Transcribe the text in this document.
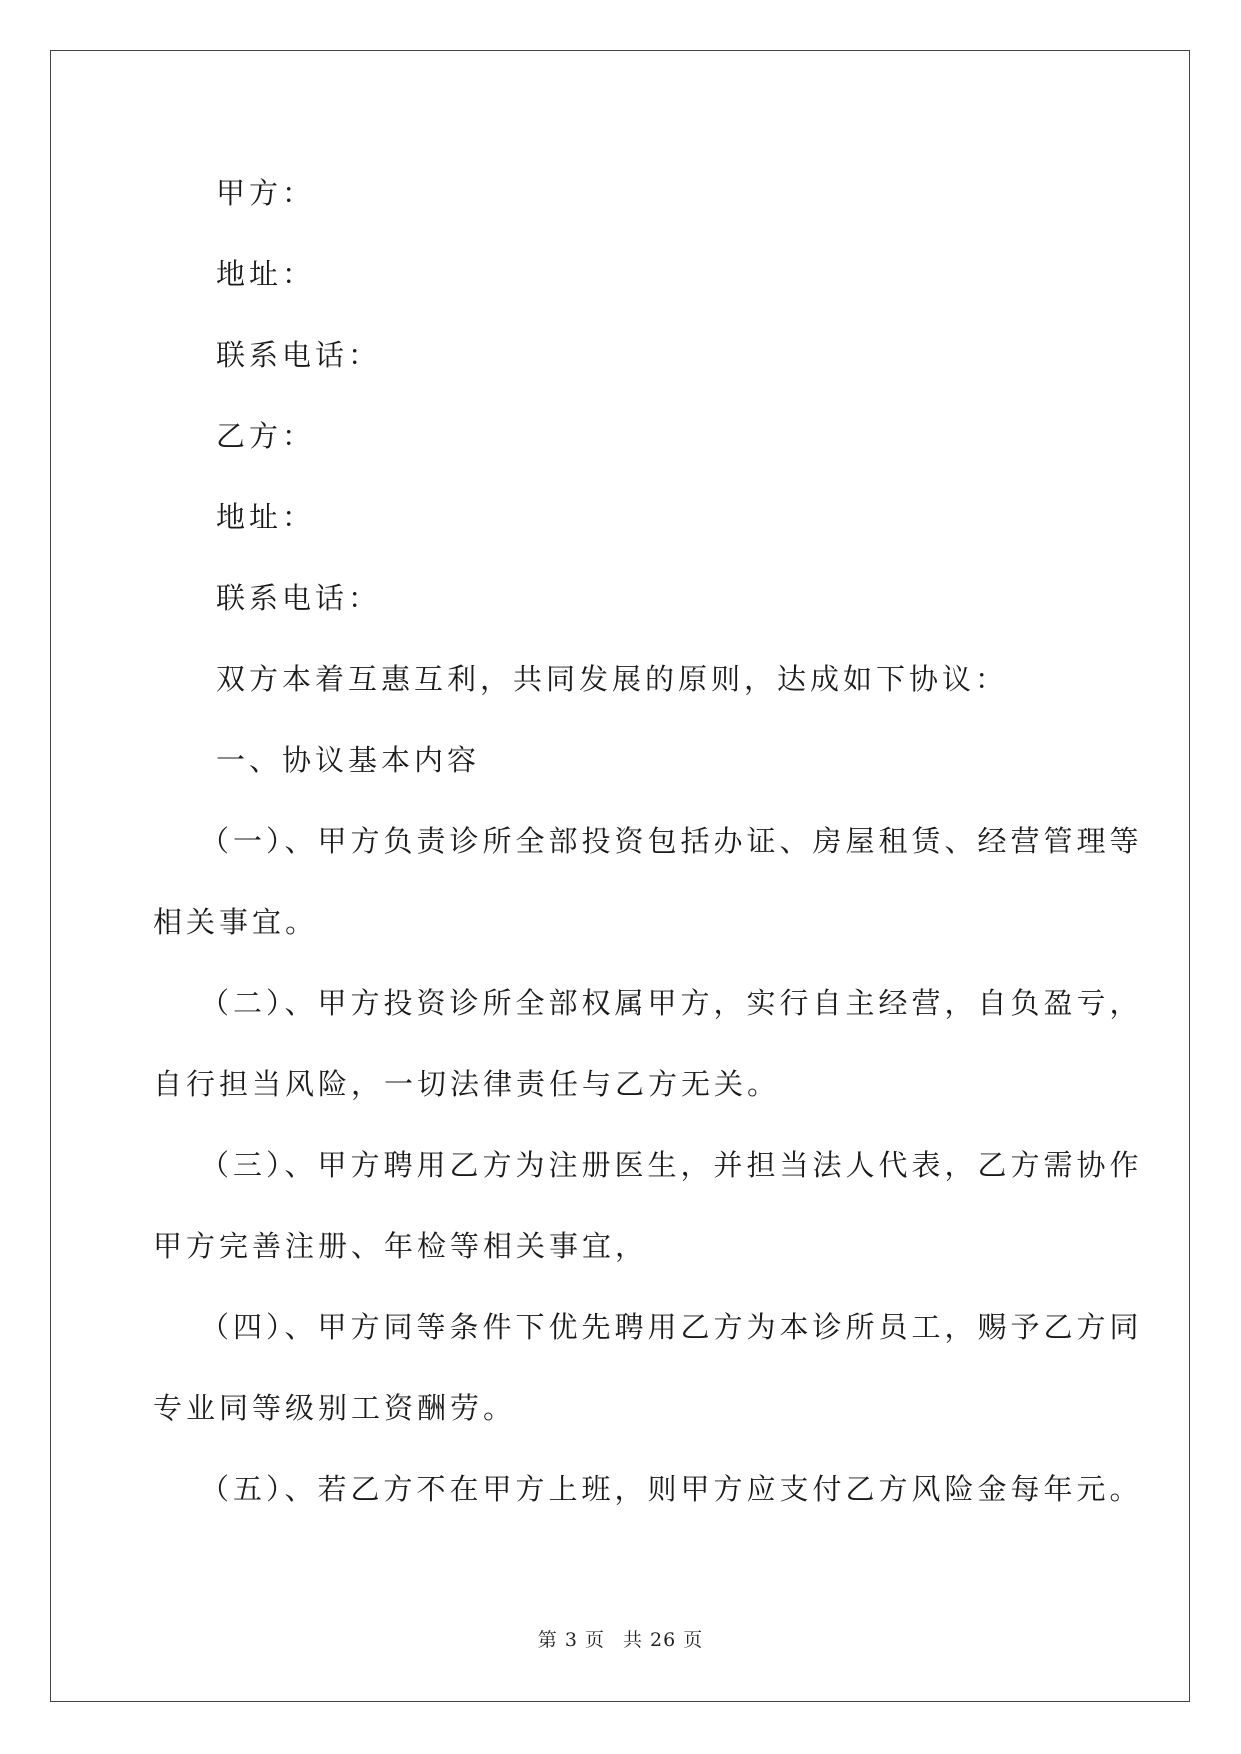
甲方：
地址：
联系电话：
乙方：
地址：
联系电话：
双方本着互惠互利，共同发展的原则，达成如下协议：
一、协议基本内容
（一）、甲方负责诊所全部投资包括办证、房屋租赁、经营管理等
相关事宜。
（二）、甲方投资诊所全部权属甲方，实行自主经营，自负盈亏，
自行担当风险，一切法律责任与乙方无关。
（三）、甲方聘用乙方为注册医生，并担当法人代表，乙方需协作
甲方完善注册、年检等相关事宜，
（四）、甲方同等条件下优先聘用乙方为本诊所员工，赐予乙方同
专业同等级别工资酬劳。
（五）、若乙方不在甲方上班，则甲方应支付乙方风险金每年元。
第 3 页 共 26 页
